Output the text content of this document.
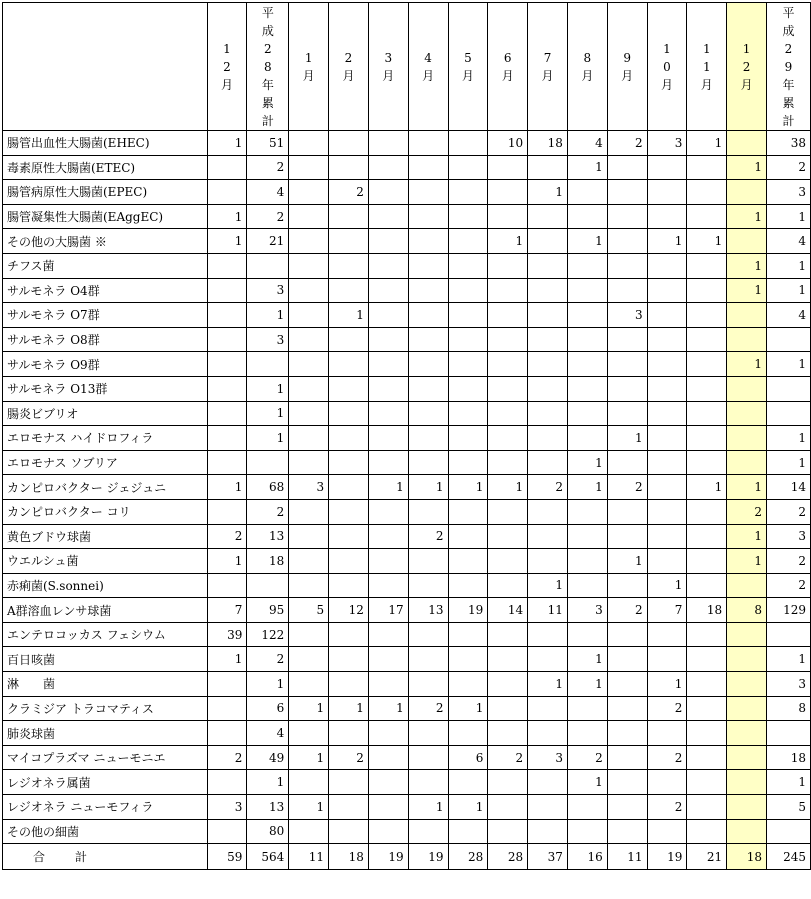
	12月	平成28年累計	1月	2月	3月	4月	5月	6月	7月	8月	9月	10月	11月	12月	平成29年累計
腸管出血性大腸菌(EHEC)	1	51						10	18	4	2	3	1		38
毒素原性大腸菌(ETEC)		2								1				1	2
腸管病原性大腸菌(EPEC)		4		2					1						3
腸管凝集性大腸菌(EAggEC)	1	2												1	1
その他の大腸菌 ※	1	21						1		1		1	1		4
チフス菌														1	1
サルモネラ O4群		3												1	1
サルモネラ O7群		1		1							3				4
サルモネラ O8群		3													
サルモネラ O9群														1	1
サルモネラ O13群		1													
腸炎ビブリオ		1													
エロモナス ハイドロフィラ		1									1				1
エロモナス ソブリア										1					1
カンピロバクター ジェジュニ	1	68	3		1	1	1	1	2	1	2		1	1	14
カンピロバクター コリ		2												2	2
黄色ブドウ球菌	2	13				2								1	3
ウエルシュ菌	1	18									1			1	2
赤痢菌(S.sonnei)									1			1			2
A群溶血レンサ球菌	7	95	5	12	17	13	19	14	11	3	2	7	18	8	129
エンテロコッカス フェシウム	39	122													
百日咳菌	1	2								1					1
淋　　菌		1							1	1		1			3
クラミジア トラコマティス		6	1	1	1	2	1					2			8
肺炎球菌		4													
マイコプラズマ ニューモニエ	2	49	1	2			6	2	3	2		2			18
レジオネラ属菌		1								1					1
レジオネラ ニューモフィラ	3	13	1			1	1					2			5
その他の細菌		80													
合　　計	59	564	11	18	19	19	28	28	37	16	11	19	21	18	245
